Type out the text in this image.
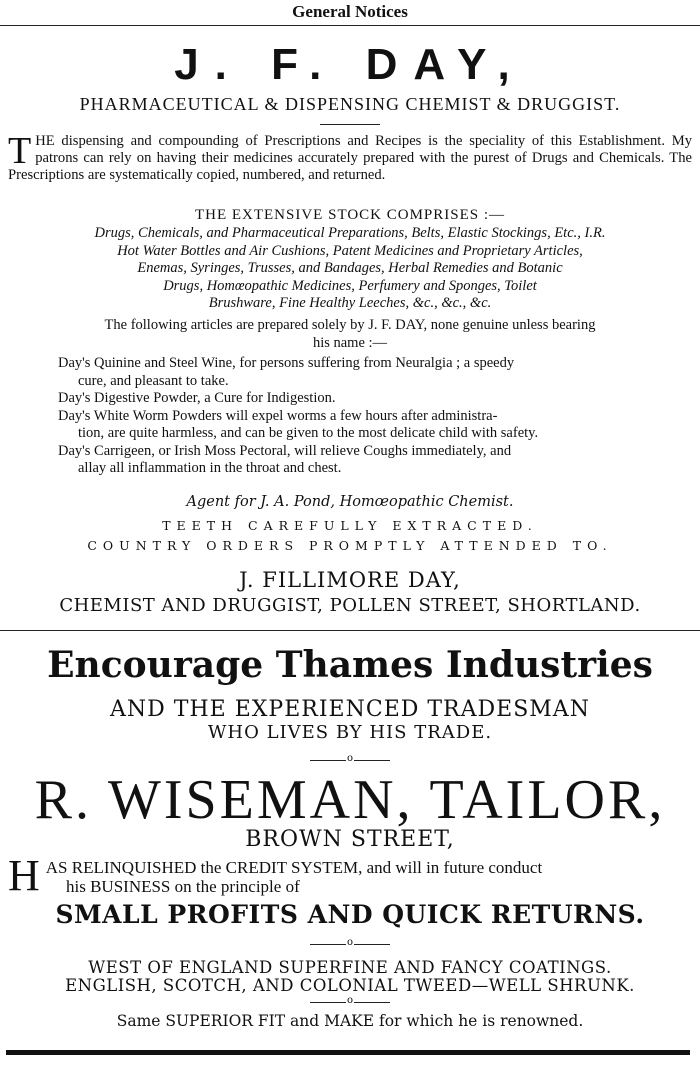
General Notices
J. F. DAY,
PHARMACEUTICAL & DISPENSING CHEMIST & DRUGGIST.
T HE dispensing and compounding of Prescriptions and Recipes is the speciality of this Establishment. My patrons can rely on having their medicines accurately prepared with the purest of Drugs and Chemicals. The Prescriptions are systematically copied, numbered, and returned.
THE EXTENSIVE STOCK COMPRISES :—
Drugs, Chemicals, and Pharmaceutical Preparations, Belts, Elastic Stockings, Etc., I.R.
Hot Water Bottles and Air Cushions, Patent Medicines and Proprietary Articles,
Enemas, Syringes, Trusses, and Bandages, Herbal Remedies and Botanic
Drugs, Homœopathic Medicines, Perfumery and Sponges, Toilet
Brushware, Fine Healthy Leeches, &c., &c., &c.
The following articles are prepared solely by J. F. DAY, none genuine unless bearing
his name :—
Day's Quinine and Steel Wine, for persons suffering from Neuralgia ; a speedy
cure, and pleasant to take.
Day's Digestive Powder, a Cure for Indigestion.
Day's White Worm Powders will expel worms a few hours after administra-
tion, are quite harmless, and can be given to the most delicate child with safety.
Day's Carrigeen, or Irish Moss Pectoral, will relieve Coughs immediately, and
allay all inflammation in the throat and chest.
Agent for J. A. Pond, Homœopathic Chemist.
TEETH CAREFULLY EXTRACTED.
COUNTRY ORDERS PROMPTLY ATTENDED TO.
J. FILLIMORE DAY,
CHEMIST AND DRUGGIST, POLLEN STREET, SHORTLAND.
Encourage Thames Industries
AND THE EXPERIENCED TRADESMAN
WHO LIVES BY HIS TRADE.
o
R. WISEMAN, TAILOR,
BROWN STREET,
H AS RELINQUISHED the CREDIT SYSTEM, and will in future conduct
his BUSINESS on the principle of
SMALL PROFITS AND QUICK RETURNS.
o
WEST OF ENGLAND SUPERFINE AND FANCY COATINGS.
ENGLISH, SCOTCH, AND COLONIAL TWEED—WELL SHRUNK.
o
Same SUPERIOR FIT and MAKE for which he is renowned.
